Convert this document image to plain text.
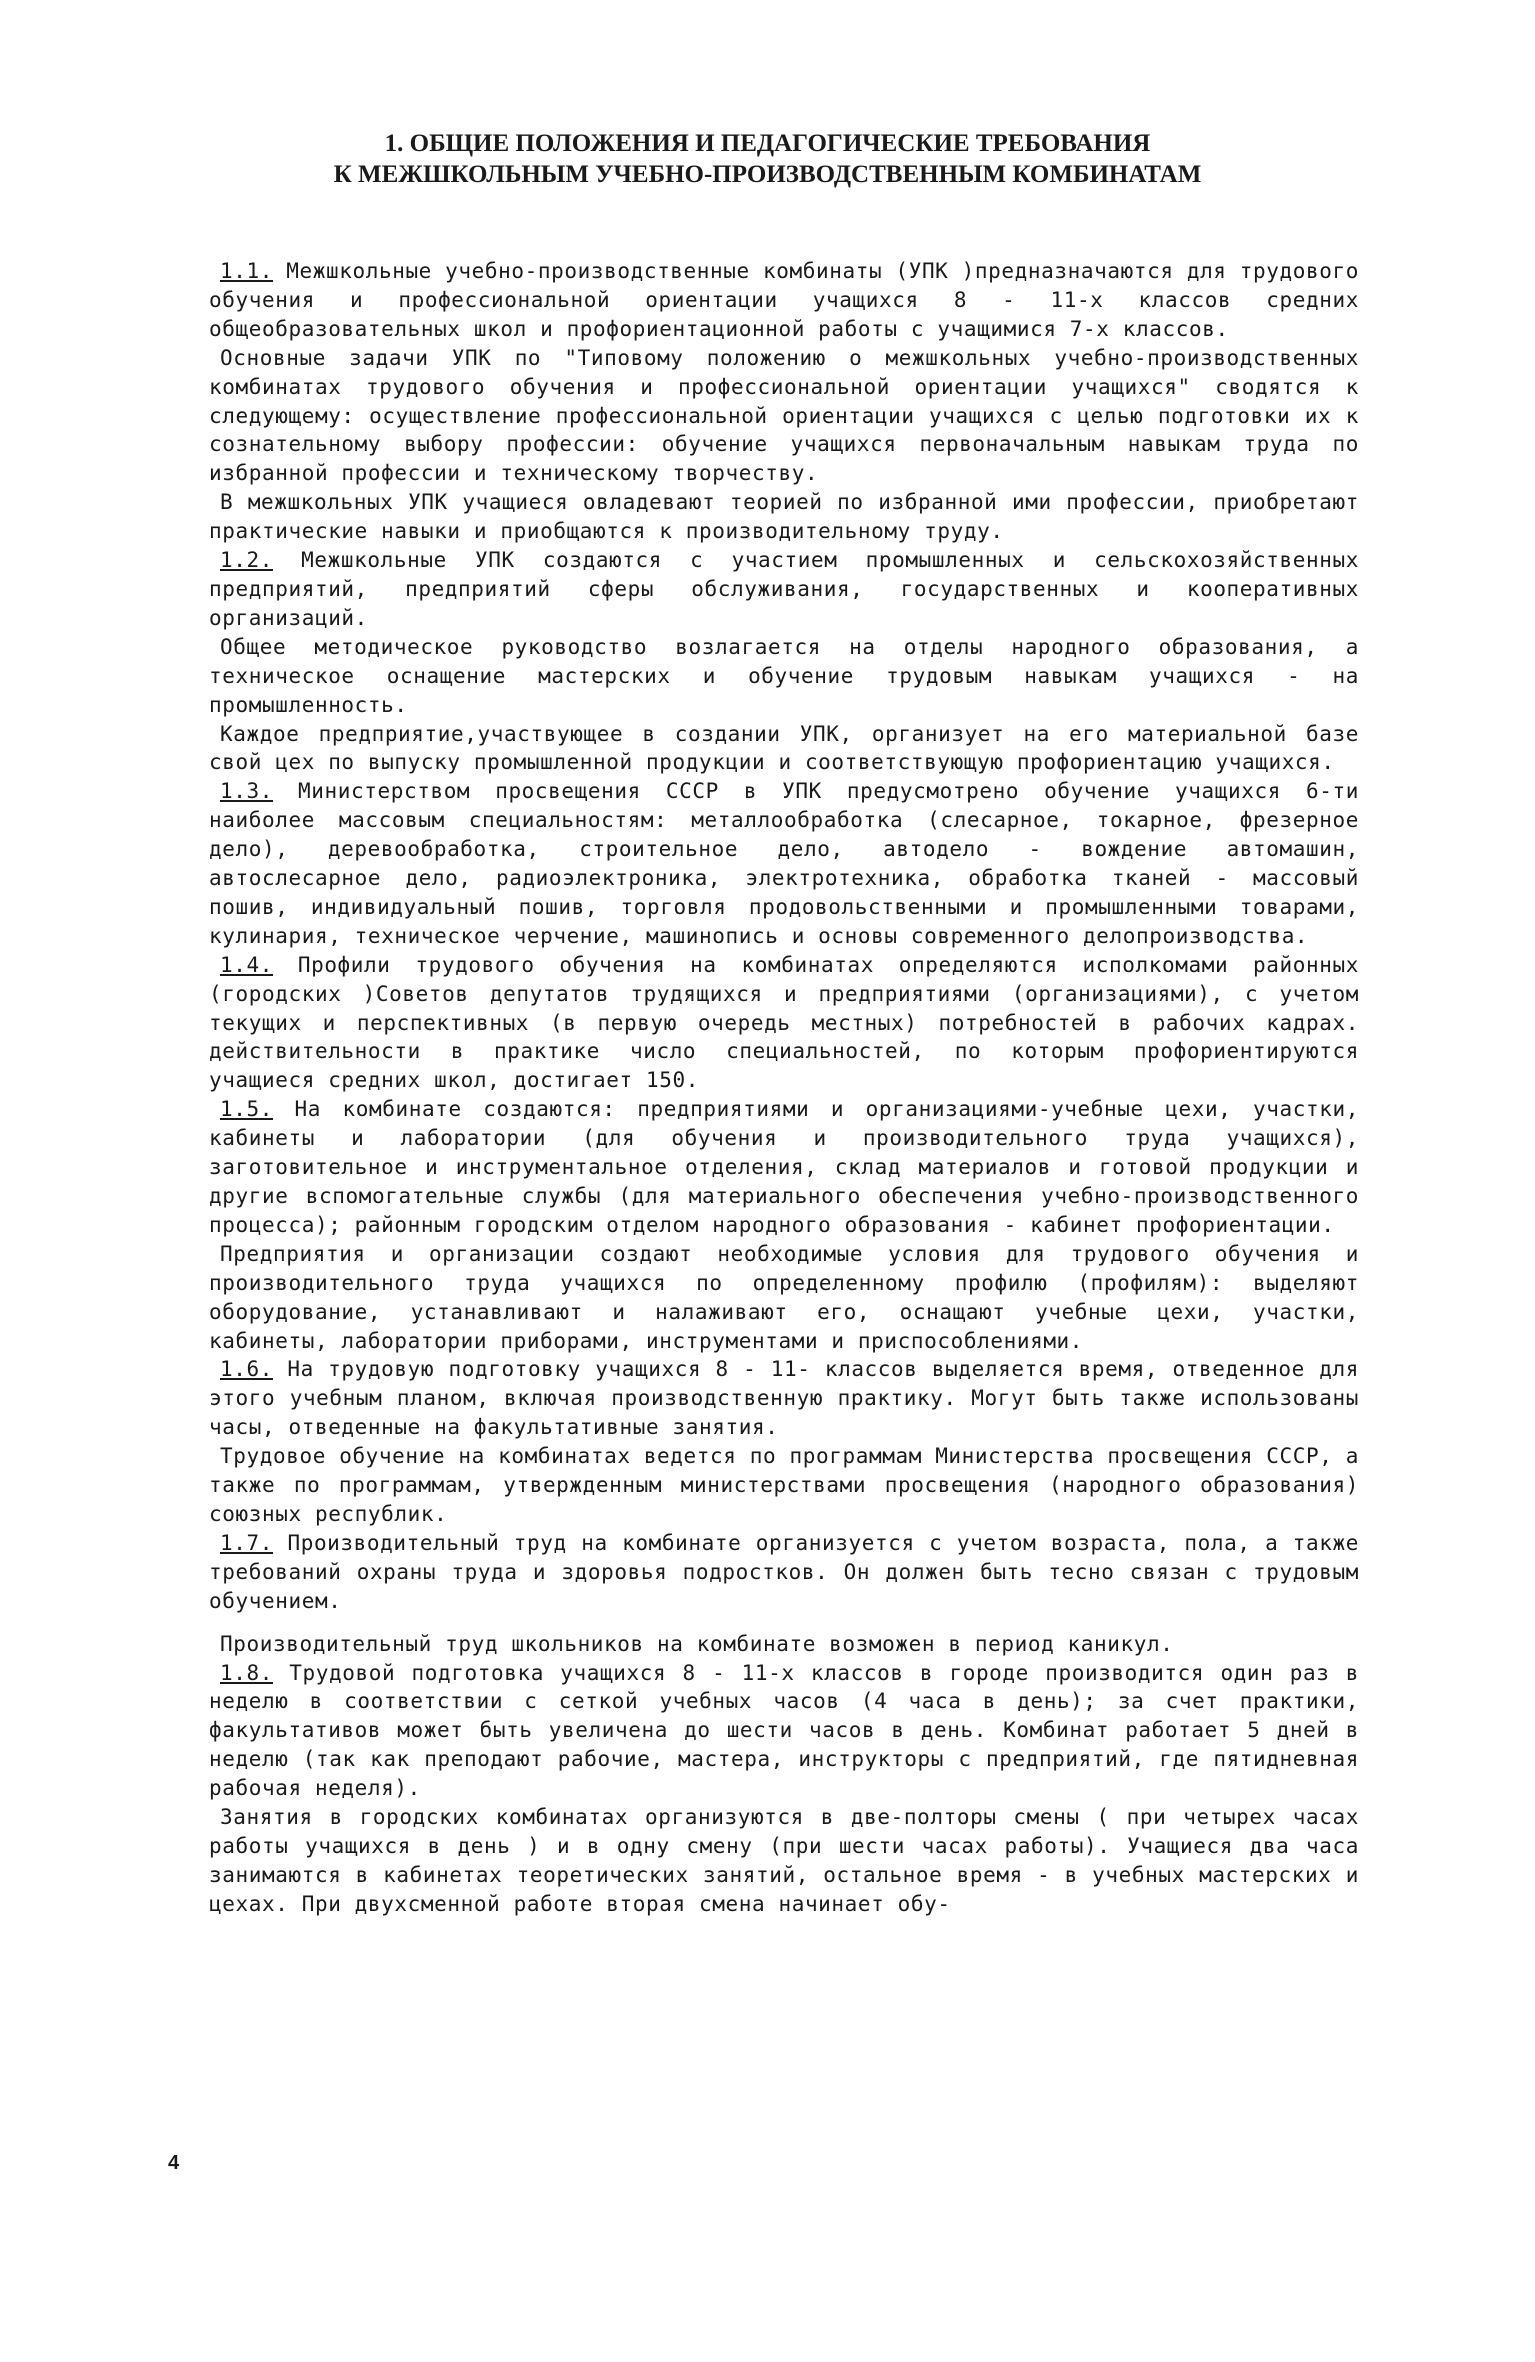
1. ОБЩИЕ ПОЛОЖЕНИЯ И ПЕДАГОГИЧЕСКИЕ ТРЕБОВАНИЯ
К МЕЖШКОЛЬНЫМ УЧЕБНО-ПРОИЗВОДСТВЕННЫМ КОМБИНАТАМ

1.1. Межшкольные учебно-производственные комбинаты (УПК )предназначаются для трудового обучения и профессиональной ориентации учащихся 8 - 11-х классов средних общеобразовательных школ и профориентационной работы с учащимися 7-х классов.

Основные задачи УПК по "Типовому положению о межшкольных учебно-производственных комбинатах трудового обучения и профессиональной ориентации учащихся" сводятся к следующему: осуществление профессиональной ориентации учащихся с целью подготовки их к сознательному выбору профессии: обучение учащихся первоначальным навыкам труда по избранной профессии и техническому творчеству.

В межшкольных УПК учащиеся овладевают теорией по избранной ими профессии, приобретают практические навыки и приобщаются к производительному труду.

1.2. Межшкольные УПК создаются с участием промышленных и сельскохозяйственных предприятий, предприятий сферы обслуживания, государственных и кооперативных организаций.

Общее методическое руководство возлагается на отделы народного образования, а техническое оснащение мастерских и обучение трудовым навыкам учащихся - на промышленность.

Каждое предприятие,участвующее в создании УПК, организует на его материальной базе свой цех по выпуску промышленной продукции и соответствующую профориентацию учащихся.

1.3. Министерством просвещения СССР в УПК предусмотрено обучение учащихся 6-ти наиболее массовым специальностям: металлообработка (слесарное, токарное, фрезерное дело), деревообработка, строительное дело, автодело - вождение автомашин, автослесарное дело, радиоэлектроника, электротехника, обработка тканей - массовый пошив, индивидуальный пошив, торговля продовольственными и промышленными товарами, кулинария, техническое черчение, машинопись и основы современного делопроизводства.

1.4. Профили трудового обучения на комбинатах определяются исполкомами районных (городских )Советов депутатов трудящихся и предприятиями (организациями), с учетом текущих и перспективных (в первую очередь местных) потребностей в рабочих кадрах. действительности в практике число специальностей, по которым профориентируются учащиеся средних школ, достигает 150.

1.5. На комбинате создаются: предприятиями и организациями-учебные цехи, участки, кабинеты и лаборатории (для обучения и производительного труда учащихся), заготовительное и инструментальное отделения, склад материалов и готовой продукции и другие вспомогательные службы (для материального обеспечения учебно-производственного процесса); районным городским отделом народного образования - кабинет профориентации.

Предприятия и организации создают необходимые условия для трудового обучения и производительного труда учащихся по определенному профилю (профилям): выделяют оборудование, устанавливают и налаживают его, оснащают учебные цехи, участки, кабинеты, лаборатории приборами, инструментами и приспособлениями.

1.6. На трудовую подготовку учащихся 8 - 11- классов выделяется время, отведенное для этого учебным планом, включая производственную практику. Могут быть также использованы часы, отведенные на факультативные занятия.

Трудовое обучение на комбинатах ведется по программам Министерства просвещения СССР, а также по программам, утвержденным министерствами просвещения (народного образования) союзных республик.

1.7. Производительный труд на комбинате организуется с учетом возраста, пола, а также требований охраны труда и здоровья подростков. Он должен быть тесно связан с трудовым обучением.

Производительный труд школьников на комбинате возможен в период каникул.

1.8. Трудовой подготовка учащихся 8 - 11-х классов в городе производится один раз в неделю в соответствии с сеткой учебных часов (4 часа в день); за счет практики, факультативов может быть увеличена до шести часов в день. Комбинат работает 5 дней в неделю (так как преподают рабочие, мастера, инструкторы с предприятий, где пятидневная рабочая неделя).

Занятия в городских комбинатах организуются в две-полторы смены ( при четырех часах работы учащихся в день ) и в одну смену (при шести часах работы). Учащиеся два часа занимаются в кабинетах теоретических занятий, остальное время - в учебных мастерских и цехах. При двухсменной работе вторая смена начинает обу-

4
